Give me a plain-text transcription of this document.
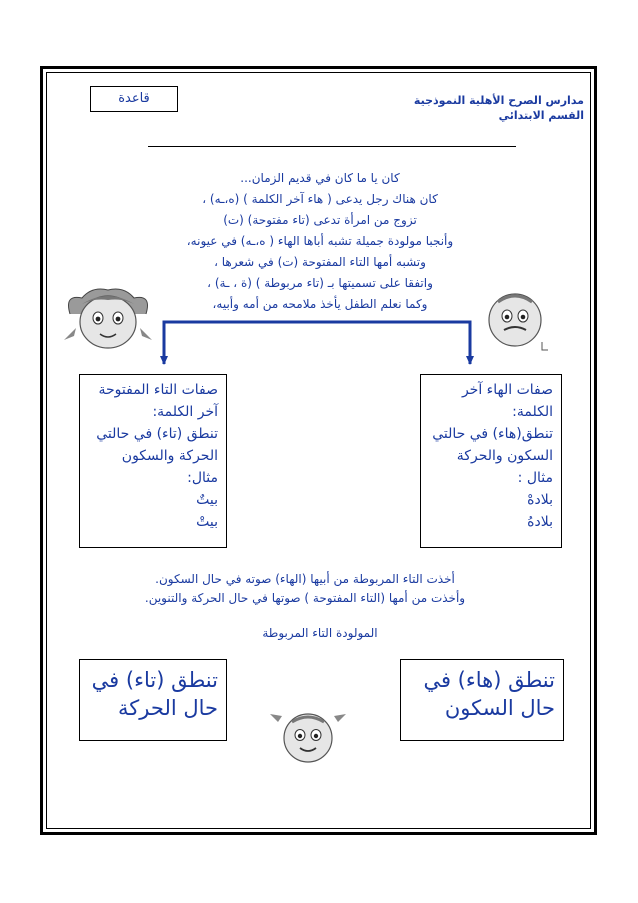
مدارس الصرح الأهلية النموذجية
القسم الابتدائي
قاعدة
كان يا ما كان في قديم الزمان...
كان هناك رجل يدعى ( هاء آخر الكلمة ) (ه،ـه) ،
تزوج من امرأة تدعى (تاء مفتوحة) (ت)
وأنجبا مولودة جميلة تشبه أباها الهاء ( ه،ـه) في عيونه،
وتشبه أمها التاء المفتوحة (ت) في شعرها ،
واتفقا على تسميتها بـ (تاء مربوطة ) (ة ، ـة) ،
وكما نعلم الطفل يأخذ ملامحه من أمه وأبيه،
صفات الهاء آخر
الكلمة:
تنطق(هاء) في حالتي
السكون والحركة
مثال :
بلادهْ
بلادهُ
صفات التاء المفتوحة
آخر الكلمة:
تنطق (تاء) في حالتي
الحركة والسكون
مثال:
بيتٌ
بيتْ
أخذت التاء المربوطة من أبيها (الهاء) صوته في حال السكون.
وأخذت من أمها (التاء المفتوحة ) صوتها في حال الحركة والتنوين.
المولودة التاء المربوطة
تنطق (هاء) في حال السكون
تنطق (تاء) في حال الحركة
